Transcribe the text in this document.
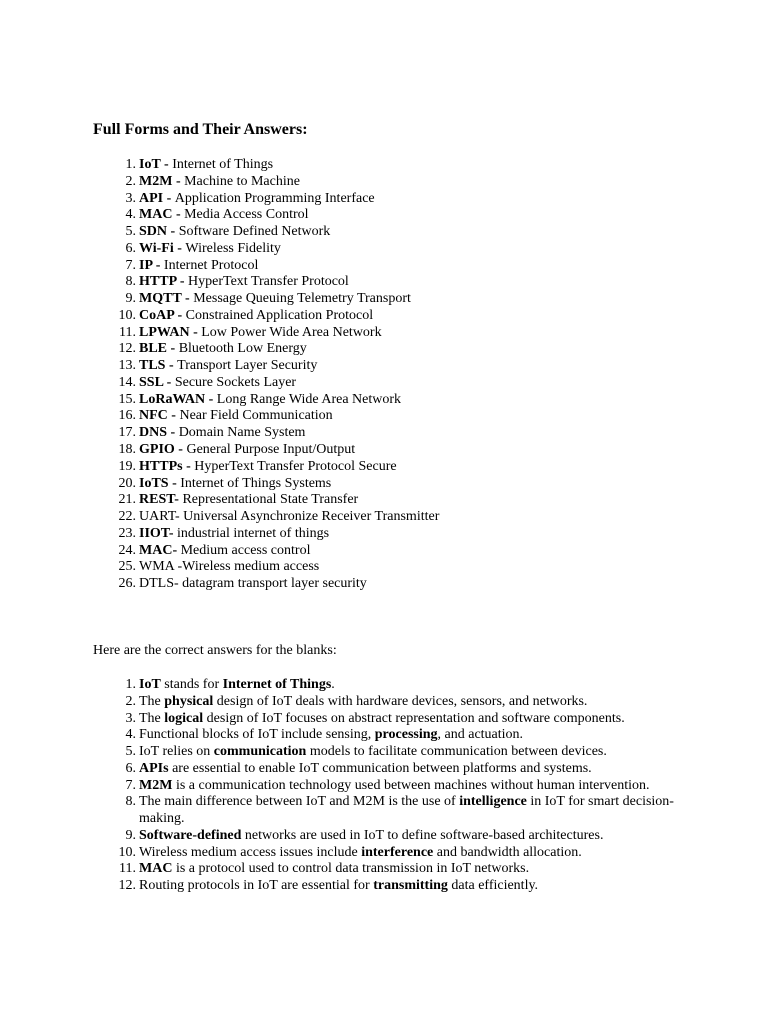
Full Forms and Their Answers:
1. IoT - Internet of Things
2. M2M - Machine to Machine
3. API - Application Programming Interface
4. MAC - Media Access Control
5. SDN - Software Defined Network
6. Wi-Fi - Wireless Fidelity
7. IP - Internet Protocol
8. HTTP - HyperText Transfer Protocol
9. MQTT - Message Queuing Telemetry Transport
10. CoAP - Constrained Application Protocol
11. LPWAN - Low Power Wide Area Network
12. BLE - Bluetooth Low Energy
13. TLS - Transport Layer Security
14. SSL - Secure Sockets Layer
15. LoRaWAN - Long Range Wide Area Network
16. NFC - Near Field Communication
17. DNS - Domain Name System
18. GPIO - General Purpose Input/Output
19. HTTPs - HyperText Transfer Protocol Secure
20. IoTS - Internet of Things Systems
21. REST- Representational State Transfer
22. UART- Universal Asynchronize Receiver Transmitter
23. IIOT- industrial internet of things
24. MAC- Medium access control
25. WMA -Wireless medium access
26. DTLS- datagram transport layer security

Here are the correct answers for the blanks:

1. IoT stands for Internet of Things.
2. The physical design of IoT deals with hardware devices, sensors, and networks.
3. The logical design of IoT focuses on abstract representation and software components.
4. Functional blocks of IoT include sensing, processing, and actuation.
5. IoT relies on communication models to facilitate communication between devices.
6. APIs are essential to enable IoT communication between platforms and systems.
7. M2M is a communication technology used between machines without human intervention.
8. The main difference between IoT and M2M is the use of intelligence in IoT for smart decision-making.
9. Software-defined networks are used in IoT to define software-based architectures.
10. Wireless medium access issues include interference and bandwidth allocation.
11. MAC is a protocol used to control data transmission in IoT networks.
12. Routing protocols in IoT are essential for transmitting data efficiently.
